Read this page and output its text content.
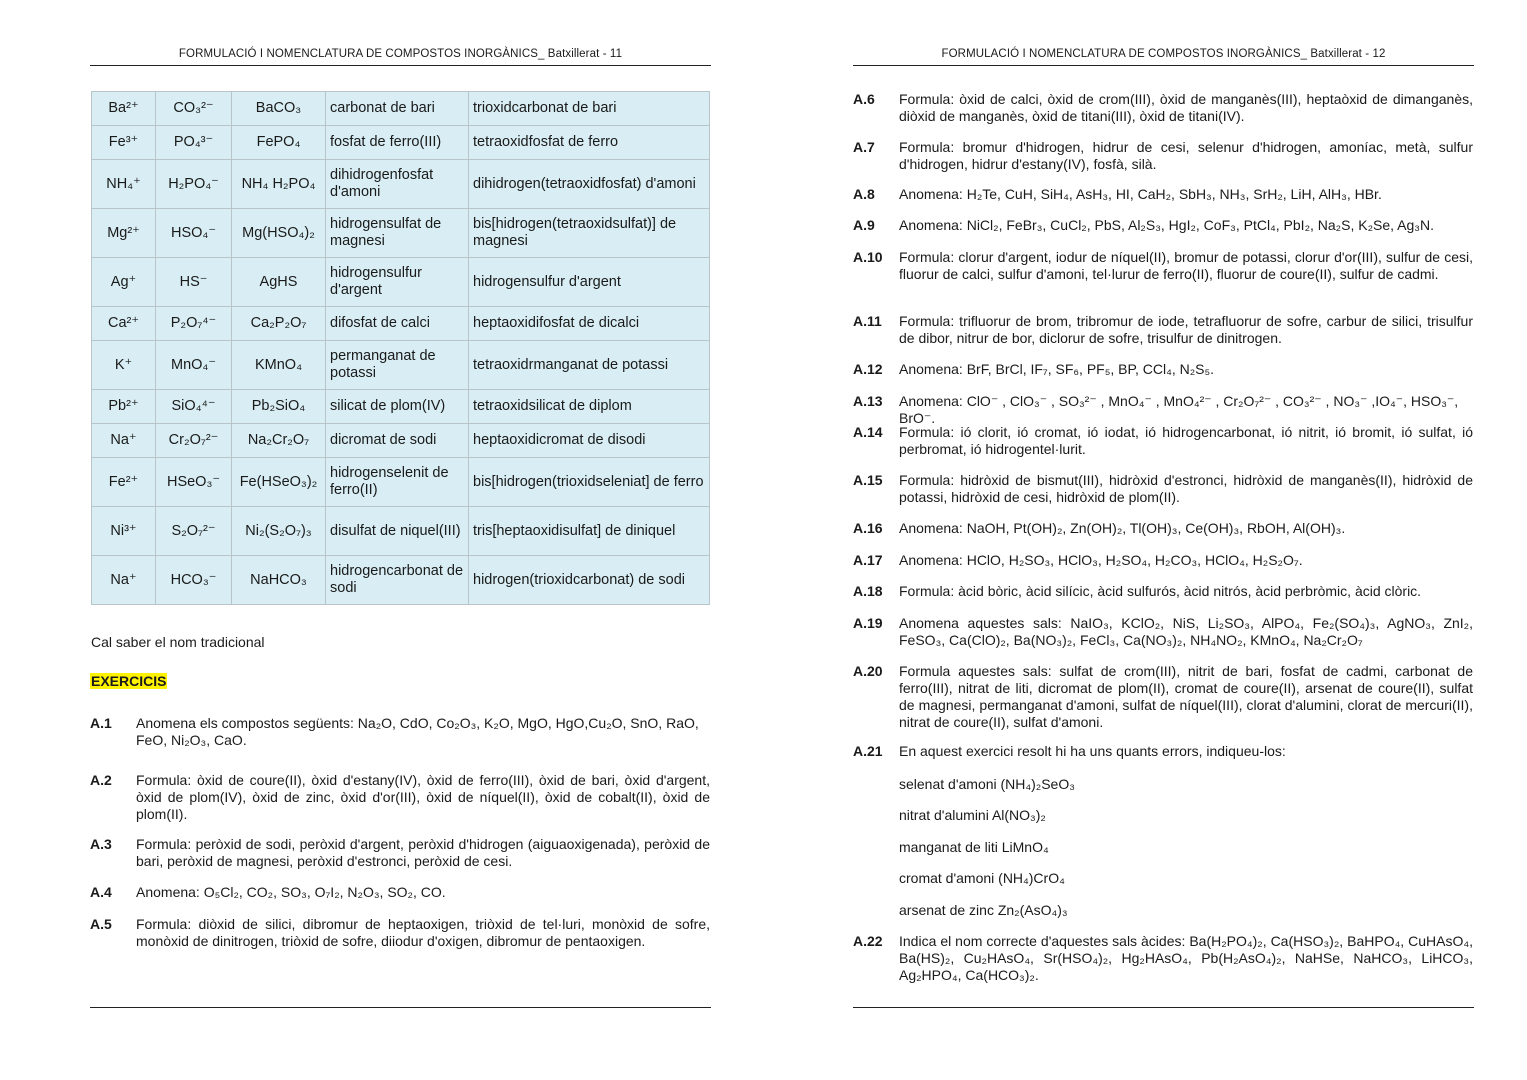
FORMULACIÓ I NOMENCLATURA DE COMPOSTOS INORGÀNICS_ Batxillerat - 11
Ba²⁺	CO₃²⁻	BaCO₃	carbonat de bari	trioxidcarbonat de bari
Fe³⁺	PO₄³⁻	FePO₄	fosfat de ferro(III)	tetraoxidfosfat de ferro
NH₄⁺	H₂PO₄⁻	NH₄ H₂PO₄	dihidrogenfosfat d'amoni	dihidrogen(tetraoxidfosfat) d'amoni
Mg²⁺	HSO₄⁻	Mg(HSO₄)₂	hidrogensulfat de magnesi	bis[hidrogen(tetraoxidsulfat)] de magnesi
Ag⁺	HS⁻	AgHS	hidrogensulfur d'argent	hidrogensulfur d'argent
Ca²⁺	P₂O₇⁴⁻	Ca₂P₂O₇	difosfat de calci	heptaoxidifosfat de dicalci
K⁺	MnO₄⁻	KMnO₄	permanganat de potassi	tetraoxidrmanganat de potassi
Pb²⁺	SiO₄⁴⁻	Pb₂SiO₄	silicat de plom(IV)	tetraoxidsilicat de diplom
Na⁺	Cr₂O₇²⁻	Na₂Cr₂O₇	dicromat de sodi	heptaoxidicromat de disodi
Fe²⁺	HSeO₃⁻	Fe(HSeO₃)₂	hidrogenselenit de ferro(II)	bis[hidrogen(trioxidseleniat] de ferro
Ni³⁺	S₂O₇²⁻	Ni₂(S₂O₇)₃	disulfat de niquel(III)	tris[heptaoxidisulfat] de diniquel
Na⁺	HCO₃⁻	NaHCO₃	hidrogencarbonat de sodi	hidrogen(trioxidcarbonat) de sodi
Cal saber el nom tradicional
EXERCICIS
A.1 Anomena els compostos següents: Na₂O, CdO, Co₂O₃, K₂O, MgO, HgO,Cu₂O, SnO, RaO, FeO, Ni₂O₃, CaO.
A.2 Formula: òxid de coure(II), òxid d'estany(IV), òxid de ferro(III), òxid de bari, òxid d'argent, òxid de plom(IV), òxid de zinc, òxid d'or(III), òxid de níquel(II), òxid de cobalt(II), òxid de plom(II).
A.3 Formula: peròxid de sodi, peròxid d'argent, peròxid d'hidrogen (aiguaoxigenada), peròxid de bari, peròxid de magnesi, peròxid d'estronci, peròxid de cesi.
A.4 Anomena: O₅Cl₂, CO₂, SO₃, O₇I₂, N₂O₃, SO₂, CO.
A.5 Formula: diòxid de silici, dibromur de heptaoxigen, triòxid de tel·luri, monòxid de sofre, monòxid de dinitrogen, triòxid de sofre, diiodur d'oxigen, dibromur de pentaoxigen.
FORMULACIÓ I NOMENCLATURA DE COMPOSTOS INORGÀNICS_ Batxillerat - 12
A.6 Formula: òxid de calci, òxid de crom(III), òxid de manganès(III), heptaòxid de dimanganès, diòxid de manganès, òxid de titani(III), òxid de titani(IV).
A.7 Formula: bromur d'hidrogen, hidrur de cesi, selenur d'hidrogen, amoníac, metà, sulfur d'hidrogen, hidrur d'estany(IV), fosfà, silà.
A.8 Anomena: H₂Te, CuH, SiH₄, AsH₃, HI, CaH₂, SbH₃, NH₃, SrH₂, LiH, AlH₃, HBr.
A.9 Anomena: NiCl₂, FeBr₃, CuCl₂, PbS, Al₂S₃, HgI₂, CoF₃, PtCl₄, PbI₂, Na₂S, K₂Se, Ag₃N.
A.10 Formula: clorur d'argent, iodur de níquel(II), bromur de potassi, clorur d'or(III), sulfur de cesi, fluorur de calci, sulfur d'amoni, tel·lurur de ferro(II), fluorur de coure(II), sulfur de cadmi.
A.11 Formula: trifluorur de brom, tribromur de iode, tetrafluorur de sofre, carbur de silici, trisulfur de dibor, nitrur de bor, diclorur de sofre, trisulfur de dinitrogen.
A.12 Anomena: BrF, BrCl, IF₇, SF₆, PF₅, BP, CCl₄, N₂S₅.
A.13 Anomena: ClO⁻ , ClO₃⁻ , SO₃²⁻ , MnO₄⁻ , MnO₄²⁻ , Cr₂O₇²⁻ , CO₃²⁻ , NO₃⁻ ,IO₄⁻, HSO₃⁻, BrO⁻.
A.14 Formula: ió clorit, ió cromat, ió iodat, ió hidrogencarbonat, ió nitrit, ió bromit, ió sulfat, ió perbromat, ió hidrogentel·lurit.
A.15 Formula: hidròxid de bismut(III), hidròxid d'estronci, hidròxid de manganès(II), hidròxid de potassi, hidròxid de cesi, hidròxid de plom(II).
A.16 Anomena: NaOH, Pt(OH)₂, Zn(OH)₂, Tl(OH)₃, Ce(OH)₃, RbOH, Al(OH)₃.
A.17 Anomena: HClO, H₂SO₃, HClO₃, H₂SO₄, H₂CO₃, HClO₄, H₂S₂O₇.
A.18 Formula: àcid bòric, àcid silícic, àcid sulfurós, àcid nitrós, àcid perbròmic, àcid clòric.
A.19 Anomena aquestes sals: NaIO₃, KClO₂, NiS, Li₂SO₃, AlPO₄, Fe₂(SO₄)₃, AgNO₃, ZnI₂, FeSO₃, Ca(ClO)₂, Ba(NO₃)₂, FeCl₃, Ca(NO₃)₂, NH₄NO₂, KMnO₄, Na₂Cr₂O₇
A.20 Formula aquestes sals: sulfat de crom(III), nitrit de bari, fosfat de cadmi, carbonat de ferro(III), nitrat de liti, dicromat de plom(II), cromat de coure(II), arsenat de coure(II), sulfat de magnesi, permanganat d'amoni, sulfat de níquel(III), clorat d'alumini, clorat de mercuri(II), nitrat de coure(II), sulfat d'amoni.
A.21 En aquest exercici resolt hi ha uns quants errors, indiqueu-los:
selenat d'amoni (NH₄)₂SeO₃
nitrat d'alumini Al(NO₃)₂
manganat de liti LiMnO₄
cromat d'amoni (NH₄)CrO₄
arsenat de zinc Zn₂(AsO₄)₃
A.22 Indica el nom correcte d'aquestes sals àcides: Ba(H₂PO₄)₂, Ca(HSO₃)₂, BaHPO₄, CuHAsO₄, Ba(HS)₂, Cu₂HAsO₄, Sr(HSO₄)₂, Hg₂HAsO₄, Pb(H₂AsO₄)₂, NaHSe, NaHCO₃, LiHCO₃, Ag₂HPO₄, Ca(HCO₃)₂.
